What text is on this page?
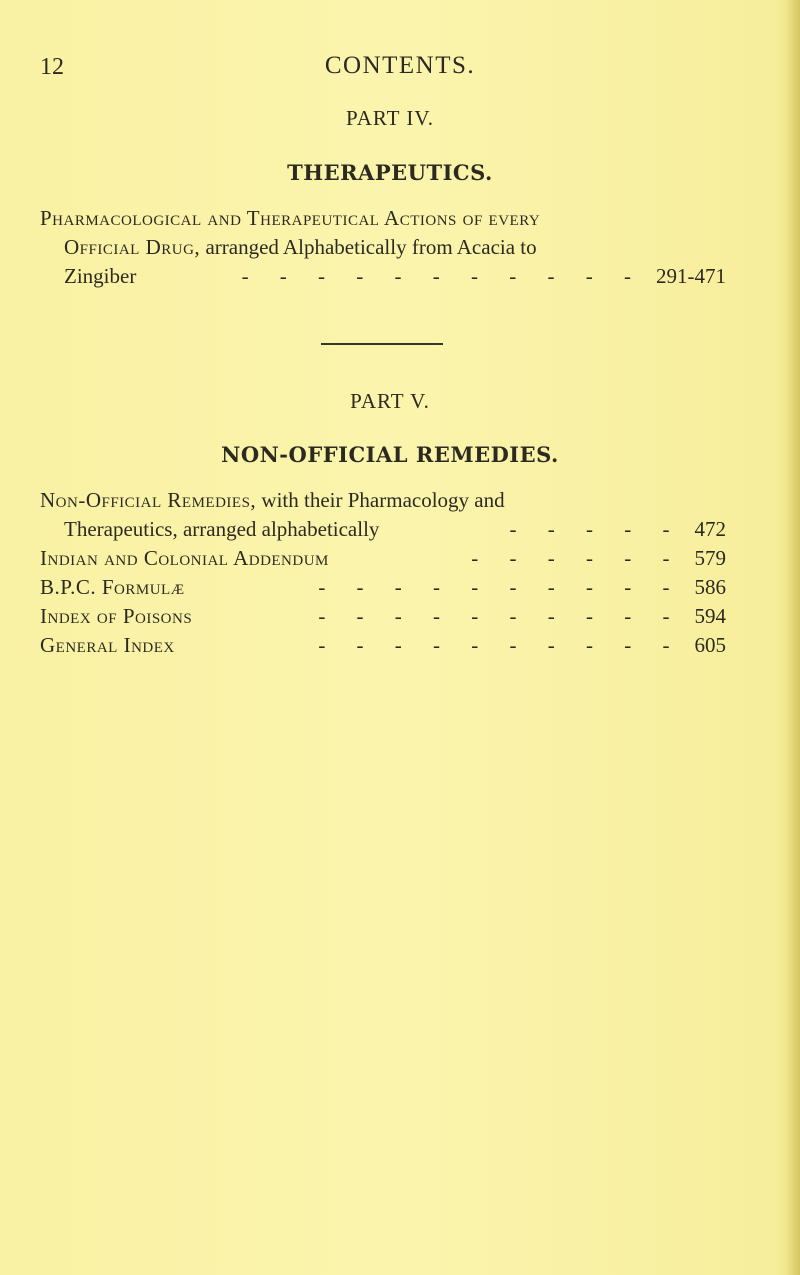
12	CONTENTS.
PART IV.
THERAPEUTICS.
Pharmacological and Therapeutical Actions of every
Official Drug, arranged Alphabetically from Acacia to
Zingiber	- - - - - - - - - - - 291-471
PART V.
NON-OFFICIAL REMEDIES.
Non-Official Remedies, with their Pharmacology and
Therapeutics, arranged alphabetically	- - - - - 472
Indian and Colonial Addendum	- - - - - - 579
B.P.C. Formulæ	- - - - - - - - - - 586
Index of Poisons	- - - - - - - - - - 594
General Index	- - - - - - - - - - 605
